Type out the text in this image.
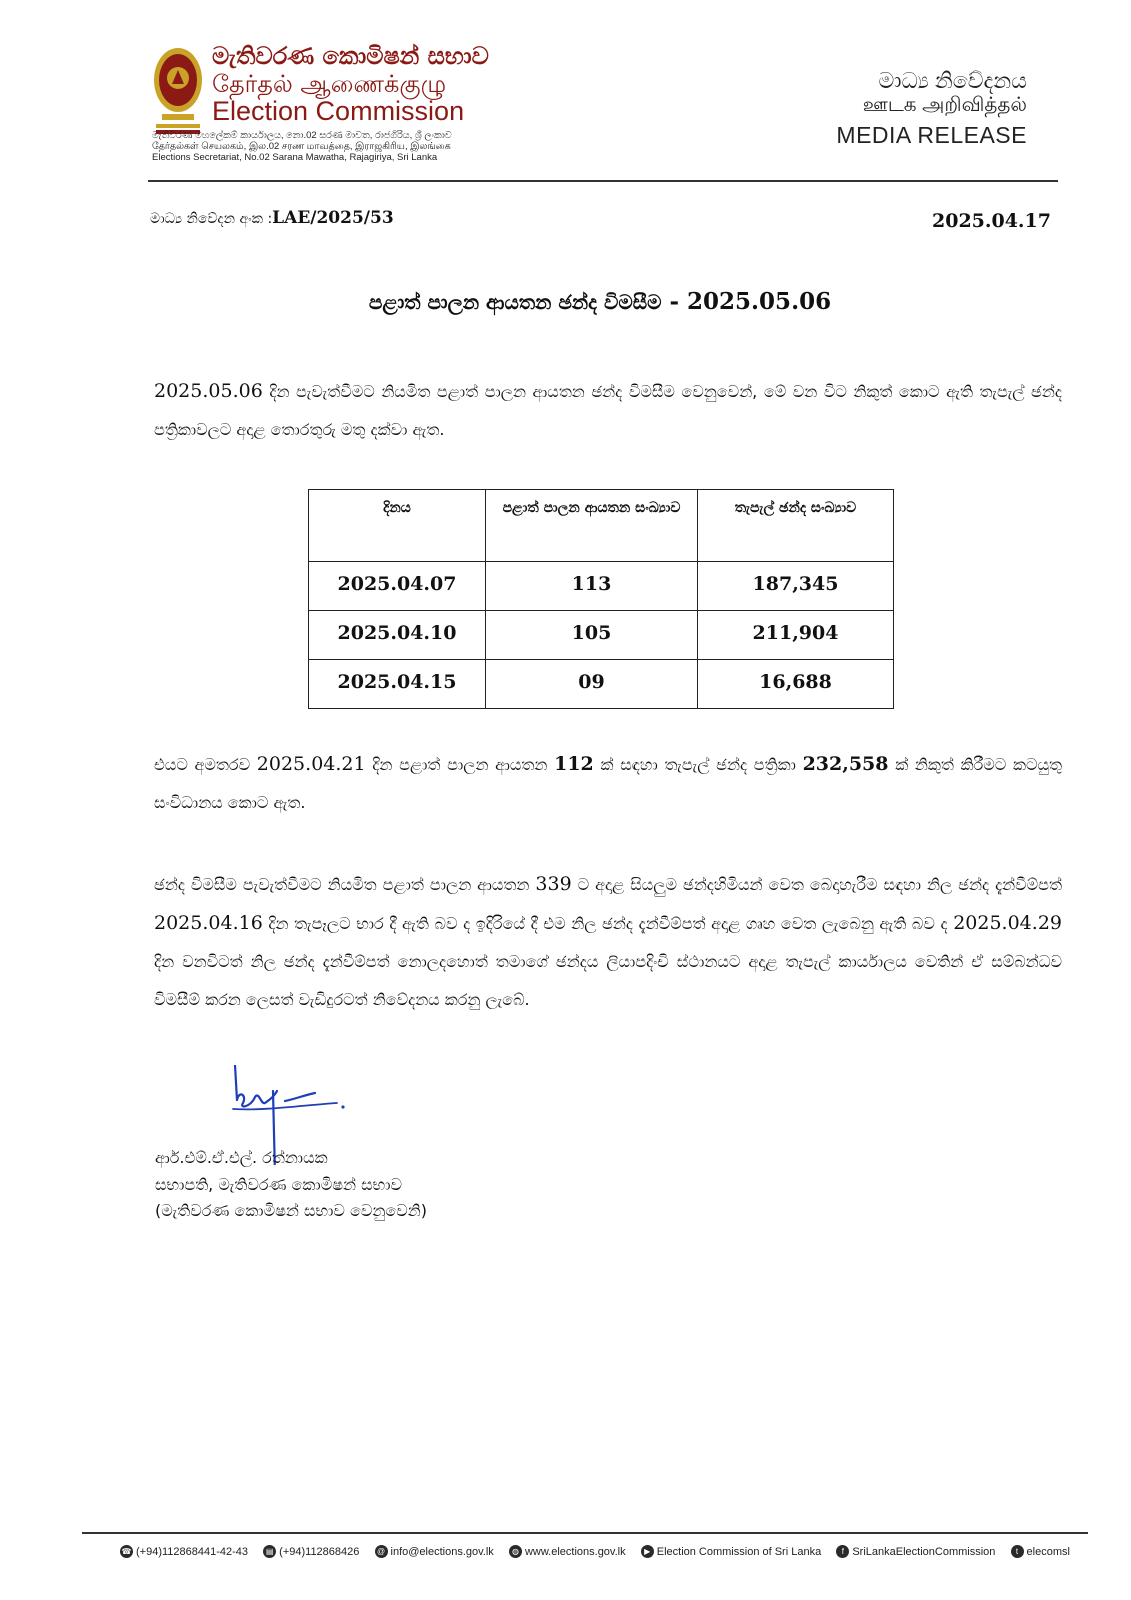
මැතිවරණ කොමිෂන් සභාව
தேர்தல் ஆணைக்குழு
Election Commission
මැතිවරණ මහලේකම් කාර්යාලය, නො.02 සරණ මාවත, රාජගිරිය, ශ්‍රී ලංකාව
தேர்தல்கள் செயலகம், இல.02 சரண மாவத்தை, இராஜகிரிய, இலங்கை
Elections Secretariat, No.02 Sarana Mawatha, Rajagiriya, Sri Lanka
මාධ්‍ය නිවේදනය
ஊடக அறிவித்தல்
MEDIA RELEASE
මාධ්‍ය නිවේදන අංක :LAE/2025/53	2025.04.17
පළාත් පාලන ආයතන ඡන්ද විමසීම - 2025.05.06
2025.05.06 දින පැවැත්වීමට නියමිත පළාත් පාලන ආයතන ඡන්ද විමසීම වෙනුවෙන්, මේ වන විට නිකුත් කොට ඇති තැපැල් ඡන්ද පත්‍රිකාවලට අදාළ තොරතුරු මතු දක්වා ඇත.
දිනය	පළාත් පාලන ආයතන සංඛ්‍යාව	තැපැල් ඡන්ද සංඛ්‍යාව
2025.04.07	113	187,345
2025.04.10	105	211,904
2025.04.15	09	16,688
එයට අමතරව 2025.04.21 දින පළාත් පාලන ආයතන 112 ක් සඳහා තැපැල් ඡන්ද පත්‍රිකා 232,558 ක් නිකුත් කිරීමට කටයුතු සංවිධානය කොට ඇත.
ඡන්ද විමසීම පැවැත්වීමට නියමිත පළාත් පාලන ආයතන 339 ට අදාළ සියලුම ඡන්දහිමියන් වෙත බෙදාහැරීම සඳහා නිල ඡන්ද දැන්වීම්පත් 2025.04.16 දින තැපෑලට භාර දී ඇති බව ද ඉදිරියේ දී එම නිල ඡන්ද දැන්වීම්පත් අදාළ ගෘහ වෙත ලැබෙනු ඇති බව ද 2025.04.29 දින වනවිටත් නිල ඡන්ද දැන්වීම්පත් නොලදහොත් තමාගේ ඡන්දය ලියාපදිංචි ස්ථානයට අදාළ තැපැල් කාර්යාලය වෙතින් ඒ සම්බන්ධව විමසීම් කරන ලෙසත් වැඩිදුරටත් නිවේදනය කරනු ලැබේ.
ආර්.එම්.ඒ.එල්. රත්නායක
සභාපති, මැතිවරණ කොමිෂන් සභාව
(මැතිවරණ කොමිෂන් සභාව වෙනුවෙනි)
☎ (+94)112868441-42-43	▤ (+94)112868426	@ info@elections.gov.lk	◍ www.elections.gov.lk	▶ Election Commission of Sri Lanka	f SriLankaElectionCommission	t elecomsl
